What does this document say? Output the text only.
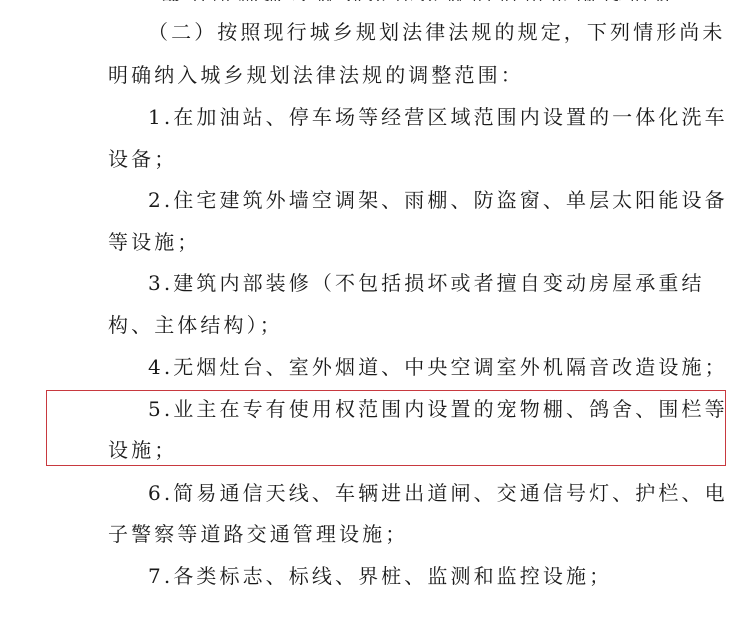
（二）按照现行城乡规划法律法规的规定，下列情形尚未
明确纳入城乡规划法律法规的调整范围：
1.在加油站、停车场等经营区域范围内设置的一体化洗车
设备；
2.住宅建筑外墙空调架、雨棚、防盗窗、单层太阳能设备
等设施；
3.建筑内部装修（不包括损坏或者擅自变动房屋承重结
构、主体结构）；
4.无烟灶台、室外烟道、中央空调室外机隔音改造设施；
5.业主在专有使用权范围内设置的宠物棚、鸽舍、围栏等
设施；
6.简易通信天线、车辆进出道闸、交通信号灯、护栏、电
子警察等道路交通管理设施；
7.各类标志、标线、界桩、监测和监控设施；
